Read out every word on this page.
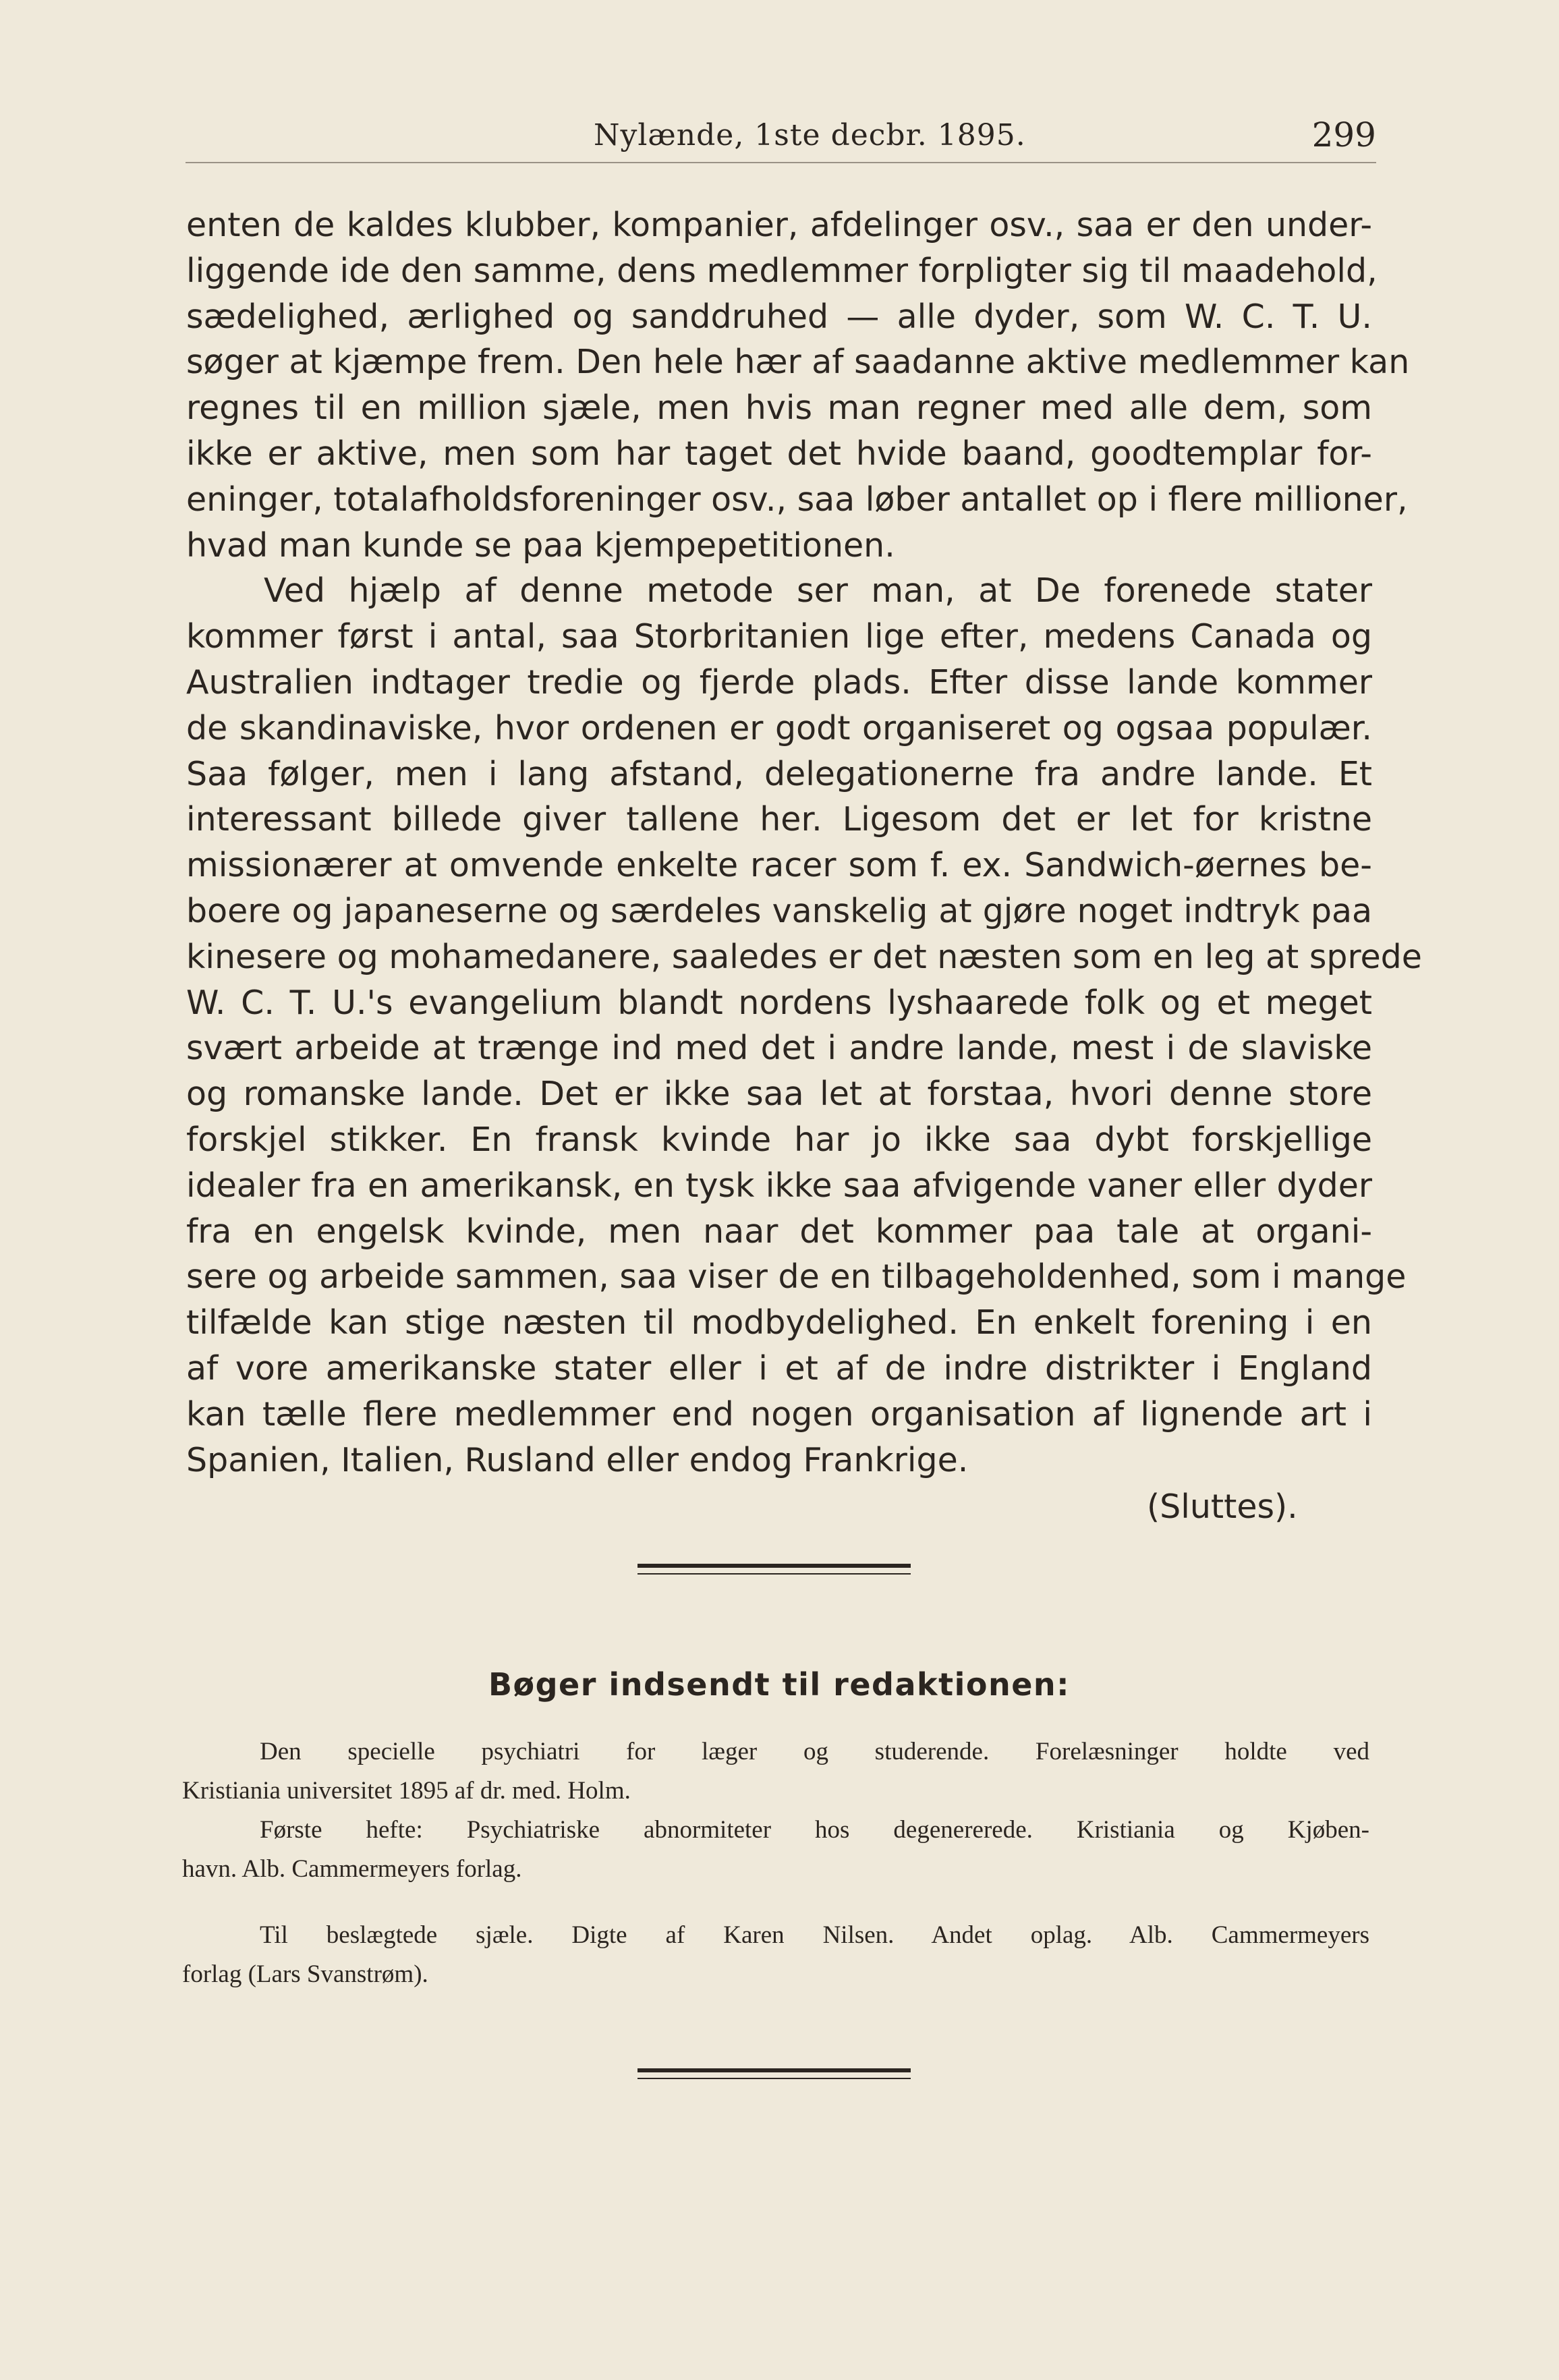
Nylænde, 1ste decbr. 1895.	299
enten de kaldes klubber, kompanier, afdelinger osv., saa er den under-
liggende ide den samme, dens medlemmer forpligter sig til maadehold,
sædelighed, ærlighed og sanddruhed — alle dyder, som W. C. T. U.
søger at kjæmpe frem. Den hele hær af saadanne aktive medlemmer kan
regnes til en million sjæle, men hvis man regner med alle dem, som
ikke er aktive, men som har taget det hvide baand, goodtemplar for-
eninger, totalafholdsforeninger osv., saa løber antallet op i flere millioner,
hvad man kunde se paa kjempepetitionen.
Ved hjælp af denne metode ser man, at De forenede stater
kommer først i antal, saa Storbritanien lige efter, medens Canada og
Australien indtager tredie og fjerde plads. Efter disse lande kommer
de skandinaviske, hvor ordenen er godt organiseret og ogsaa populær.
Saa følger, men i lang afstand, delegationerne fra andre lande. Et
interessant billede giver tallene her. Ligesom det er let for kristne
missionærer at omvende enkelte racer som f. ex. Sandwich-øernes be-
boere og japaneserne og særdeles vanskelig at gjøre noget indtryk paa
kinesere og mohamedanere, saaledes er det næsten som en leg at sprede
W. C. T. U.'s evangelium blandt nordens lyshaarede folk og et meget
svært arbeide at trænge ind med det i andre lande, mest i de slaviske
og romanske lande. Det er ikke saa let at forstaa, hvori denne store
forskjel stikker. En fransk kvinde har jo ikke saa dybt forskjellige
idealer fra en amerikansk, en tysk ikke saa afvigende vaner eller dyder
fra en engelsk kvinde, men naar det kommer paa tale at organi-
sere og arbeide sammen, saa viser de en tilbageholdenhed, som i mange
tilfælde kan stige næsten til modbydelighed. En enkelt forening i en
af vore amerikanske stater eller i et af de indre distrikter i England
kan tælle flere medlemmer end nogen organisation af lignende art i
Spanien, Italien, Rusland eller endog Frankrige.
(Sluttes).
Bøger indsendt til redaktionen:
Den specielle psychiatri for læger og studerende. Forelæsninger holdte ved
Kristiania universitet 1895 af dr. med. Holm.
Første hefte: Psychiatriske abnormiteter hos degenererede. Kristiania og Kjøben-
havn. Alb. Cammermeyers forlag.
Til beslægtede sjæle. Digte af Karen Nilsen. Andet oplag. Alb. Cammermeyers
forlag (Lars Svanstrøm).
